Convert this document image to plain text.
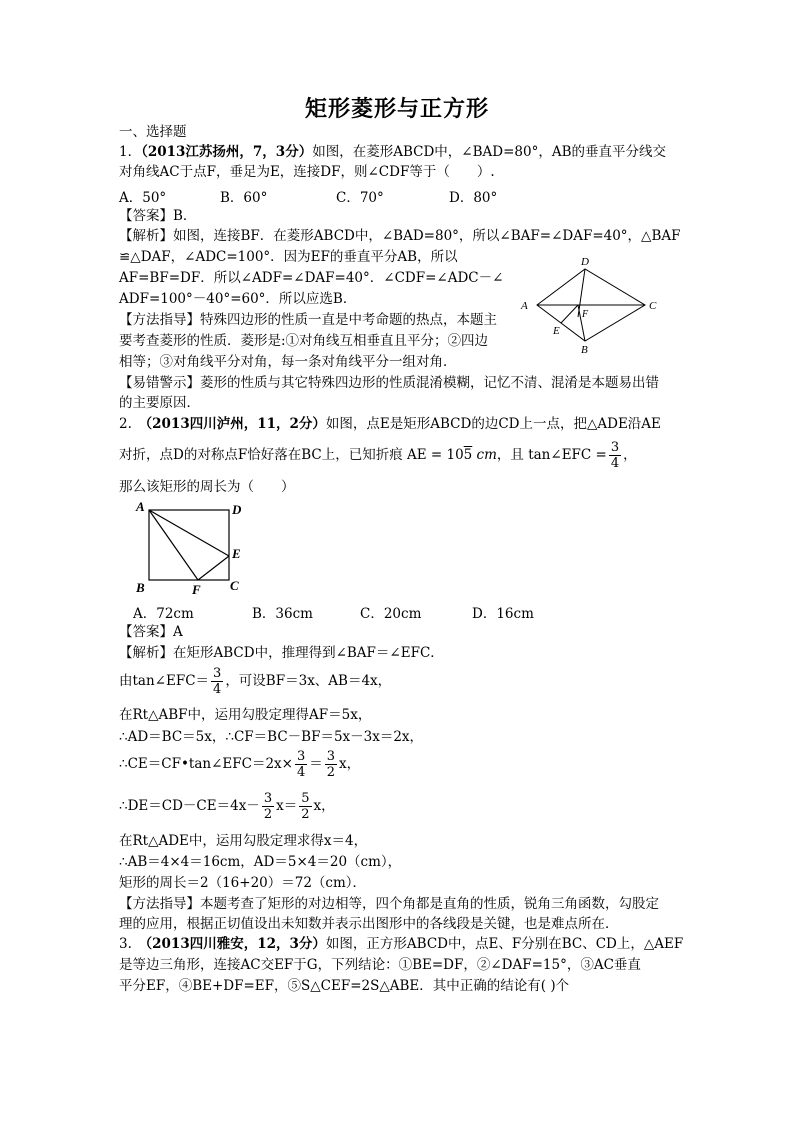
矩形菱形与正方形
一、选择题
1．（2013江苏扬州，7，3分）如图，在菱形ABCD中，∠BAD=80°，AB的垂直平分线交
对角线AC于点F，垂足为E，连接DF，则∠CDF等于（　　）.
A．50°	B．60°	C．70°	D．80°
【答案】B．
【解析】如图，连接BF．在菱形ABCD中，∠BAD=80°，所以∠BAF=∠DAF=40°，△BAF
≌△DAF，∠ADC=100°．因为EF的垂直平分AB，所以
AF=BF=DF．所以∠ADF=∠DAF=40°．∠CDF=∠ADC－∠
ADF=100°－40°=60°．所以应选B．
【方法指导】特殊四边形的性质一直是中考命题的热点，本题主
要考查菱形的性质．菱形是:①对角线互相垂直且平分；②四边
相等；③对角线平分对角，每一条对角线平分一组对角．
【易错警示】菱形的性质与其它特殊四边形的性质混淆模糊，记忆不清、混淆是本题易出错
的主要原因．
D
A	C
F
E
B
2.　（2013四川泸州，11，2分）如图，点E是矩形ABCD的边CD上一点，把△ADE沿AE
对折，点D的对称点F恰好落在BC上，已知折痕 AE = 105 cm，且 tan∠EFC = $\frac{3}{4}$ ，
那么该矩形的周长为（　　）
A	D
E
B	F C
A．72cm	B．36cm	C．20cm	D．16cm
【答案】A
【解析】在矩形ABCD中，推理得到∠BAF＝∠EFC．
由tan∠EFC＝ $\frac{3}{4}$ ，可设BF＝3x、AB＝4x，
在Rt△ABF中，运用勾股定理得AF＝5x，
∴AD＝BC＝5x，∴CF＝BC－BF＝5x－3x＝2x，
∴CE＝CF•tan∠EFC＝2x× $\frac{3}{4} = \frac{3}{2}$ x，
∴DE＝CD－CE＝4x－ $\frac{3}{2} x= \frac{5}{2}$ x，
在Rt△ADE中，运用勾股定理求得x＝4，
∴AB＝4×4＝16cm，AD＝5×4＝20（cm），
矩形的周长＝2（16+20）＝72（cm）．
【方法指导】本题考查了矩形的对边相等，四个角都是直角的性质，锐角三角函数，勾股定
理的应用，根据正切值设出未知数并表示出图形中的各线段是关键，也是难点所在．
3.　（2013四川雅安，12，3分）如图，正方形ABCD中，点E、F分别在BC、CD上，△AEF
是等边三角形，连接AC交EF于G，下列结论：①BE=DF，②∠DAF=15°，③AC垂直
平分EF，④BE+DF=EF，⑤S△CEF=2S△ABE．其中正确的结论有( )个
